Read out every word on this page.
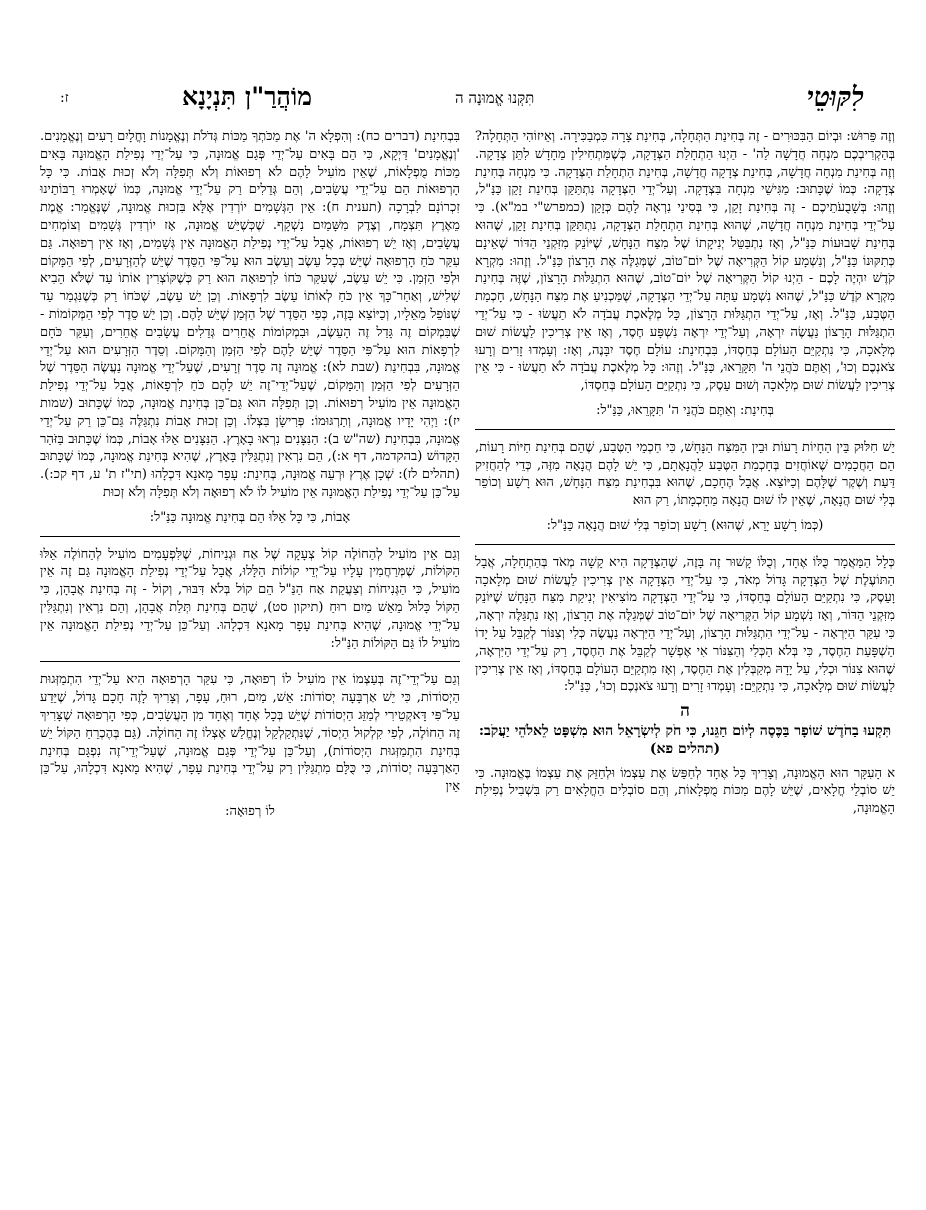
:ז	מוֹהֲרַ"ן תִּנְיָנָא	תִּקְּנוּ אֱמוּנָה ה	לִקּוּטֵי

וְזֶה פֵּרוּשׁ: וּבְיוֹם הַבִּכּוּרִים - זֶה בְּחִינַת הַתְּחָלָה, בְּחִינַת צָרָה כִּמְבַכִּירָה. וְאֵיזוֹהִי הַתְּחָלָה? בְּהַקְרִיבְכֶם מִנְחָה חֲדָשָׁה לַה' - הַיְנוּ הַתְחָלַת הַצְּדָקָה, כְּשֶׁמַּתְחִילִין מֵחָדָשׁ לִתֵּן צְדָקָה. וְזֶה בְּחִינַת מִנְחָה חֲדָשָׁה, בְּחִינַת צְדָקָה חֲדָשָׁה, בְּחִינַת הַתְחָלַת הַצְּדָקָה. כִּי מִנְחָה בְּחִינַת צְדָקָה: כְּמוֹ שֶׁכָּתוּב: מַגִּישֵׁי מִנְחָה בִּצְדָקָה. וְעַל־יְדֵי הַצְּדָקָה נִתְתַּקֵּן בְּחִינַת זָקֵן כַּנַּ"ל, וְזֶהוּ: בְּשָׁבֻעֹתֵיכֶם - זֶה בְּחִינַת זָקֵן, כִּי בְּסִינַי נִרְאָה לָהֶם כְּזָקֵן (כמפרש"י במ"א). כִּי עַל־יְדֵי בְּחִינַת מִנְחָה חֲדָשָׁה, שֶׁהוּא בְּחִינַת הַתְחָלַת הַצְּדָקָה, נִתְתַּקֵּן בְּחִינַת זָקֵן, שֶׁהוּא בְּחִינַת שָׁבוּעוֹת כַּנַּ"ל, וְאָז נִתְבַּטֵּל יְנִיקָתוֹ שֶׁל מִצַּח הַנָּחָשׁ, שֶׁיּוֹנֵק מִזִּקְנֵי הַדּוֹר שֶׁאֵינָם כְּתִקּוּנוֹ כַּנַּ"ל, וְנִשְׁמָע קוֹל הַקְּרִיאָה שֶׁל יוֹם־טוֹב, שֶׁמְּגַלֶּה אֶת הָרָצוֹן כַּנַּ"ל. וְזֶהוּ: מִקְרָא קֹדֶשׁ יִהְיֶה לָכֶם - הַיְנוּ קוֹל הַקְּרִיאָה שֶׁל יוֹם־טוֹב, שֶׁהוּא הִתְגַּלּוּת הָרָצוֹן, שֶׁזֶּה בְּחִינַת מִקְרָא קֹדֶשׁ כַּנַּ"ל, שֶׁהוּא נִשְׁמָע עַתָּה עַל־יְדֵי הַצְּדָקָה, שֶׁמַּכְנִיעַ אֶת מִצַּח הַנָּחָשׁ, חָכְמַת הַטֶּבַע, כַּנַּ"ל. וְאָז, עַל־יְדֵי הִתְגַּלּוּת הָרָצוֹן, כָּל מְלֶאכֶת עֲבֹדָה לֹא תַעֲשׂוּ - כִּי עַל־יְדֵי הִתְגַּלּוּת הָרָצוֹן נַעֲשֶׂה יִרְאָה, וְעַל־יְדֵי יִרְאָה נִשְׁפָּע חֶסֶד, וְאָז אֵין צְרִיכִין לַעֲשׂוֹת שׁוּם מְלָאכָה, כִּי נִתְקַיֵּם הָעוֹלָם בְּחַסְדּוֹ, בִּבְחִינַת: עוֹלָם חֶסֶד יִבָּנֶה, וְאָז: וְעָמְדוּ זָרִים וְרָעוּ צֹאנְכֶם וְכוּ', וְאַתֶּם כֹּהֲנֵי ה' תִּקָּרֵאוּ, כַּנַּ"ל. וְזֶהוּ: כָּל מְלֶאכֶת עֲבֹדָה לֹא תַעֲשׂוּ - כִּי אֵין צְרִיכִין לַעֲשׂוֹת שׁוּם מְלָאכָה וְשׁוּם עֵסֶק, כִּי נִתְקַיֵּם הָעוֹלָם בְּחַסְדּוֹ,

בְּחִינַת: וְאַתֶּם כֹּהֲנֵי ה' תִּקָּרֵאוּ, כַּנַּ"ל:

יֵשׁ חִלּוּק בֵּין הַחָיוֹת רָעוֹת וּבֵין הַמִּצַּח הַנָּחָשׁ, כִּי חַכְמֵי הַטֶּבַע, שֶׁהֵם בְּחִינַת חַיּוֹת רָעוֹת, הֵם הַחֲכָמִים שֶׁאוֹחֲזִים בְּחָכְמַת הַטֶּבַע לַהֲנָאָתָם, כִּי יֵשׁ לָהֶם הֲנָאָה מִזֶּה, כְּדֵי לְהַחֲזִיק דַּעַת וְשֶׁקֶר שֶׁלָּהֶם וְכַיּוֹצֵא. אֲבָל הֶחָכָם, שֶׁהוּא בִּבְחִינַת מִצַּח הַנָּחָשׁ, הוּא רָשָׁע וְכוֹפֵר בְּלִי שׁוּם הֲנָאָה, שֶׁאֵין לוֹ שׁוּם הֲנָאָה מֵחָכְמָתוֹ, רַק הוּא

(כְּמוֹ רָשָׁע יָרֵא, שֶׁהוּא) רָשָׁע וְכוֹפֵר בְּלִי שׁוּם הֲנָאָה כַּנַּ"ל:

כְּלָל הַמַּאֲמָר כֻּלּוֹ אֶחָד, וְכֻלּוֹ קָשׁוּר זֶה בָּזֶה, שֶׁהַצְּדָקָה הִיא קָשָׁה מְאֹד בְּהַתְחָלָה, אֲבָל הַתּוֹעֶלֶת שֶׁל הַצְּדָקָה גָּדוֹל מְאֹד, כִּי עַל־יְדֵי הַצְּדָקָה אֵין צְרִיכִין לַעֲשׂוֹת שׁוּם מְלָאכָה וָעֵסֶק, כִּי נִתְקַיֵּם הָעוֹלָם בְּחַסְדּוֹ, כִּי עַל־יְדֵי הַצְּדָקָה מוֹצִיאִין יְנִיקַת מִצַּח הַנָּחָשׁ שֶׁיּוֹנֵק מִזִּקְנֵי הַדּוֹר, וְאָז נִשְׁמָע קוֹל הַקְּרִיאָה שֶׁל יוֹם־טוֹב שֶׁמְּגַלֶּה אֶת הָרָצוֹן, וְאָז נִתְגַּלֶּה יִרְאָה, כִּי עִקַּר הַיִּרְאָה - עַל־יְדֵי הִתְגַּלּוּת הָרָצוֹן, וְעַל־יְדֵי הַיִּרְאָה נַעֲשֶׂה כְּלִי וְצִנּוֹר לְקַבֵּל עַל יָדוֹ הַשְׁפָּעַת הַחֶסֶד, כִּי בְּלֹא הַכְּלִי וְהַצִּנּוֹר אִי אֶפְשָׁר לְקַבֵּל אֶת הַחֶסֶד, רַק עַל־יְדֵי הַיִּרְאָה, שֶׁהוּא צִנּוֹר וּכְלִי, עַל יָדָהּ מְקַבְּלִין אֶת הַחֶסֶד, וְאָז מִתְקַיֵּם הָעוֹלָם בְּחַסְדּוֹ, וְאָז אֵין צְרִיכִין לַעֲשׂוֹת שׁוּם מְלָאכָה, כִּי נִתְקַיֵּם: וְעָמְדוּ זָרִים וְרָעוּ צֹאנְכֶם וְכוּ', כַּנַּ"ל:

ה
תִּקְעוּ בַחֹדֶשׁ שׁוֹפָר בַּכֶּסֶה לְיוֹם חַגֵּנוּ, כִּי חֹק לְיִשְׂרָאֵל הוּא מִשְׁפָּט לֵאלֹהֵי יַעֲקֹב: (תהלים פא)

א הָעִקָּר הוּא הָאֱמוּנָה, וְצָרִיךְ כָּל אֶחָד לְחַפֵּשׂ אֶת עַצְמוֹ וּלְחַזֵּק אֶת עַצְמוֹ בֶּאֱמוּנָה. כִּי יֵשׁ סוֹבְלֵי חֳלָאִים, שֶׁיֵּשׁ לָהֶם מַכּוֹת מֻפְלָאוֹת, וְהֵם סוֹבְלִים הַחֳלָאִים רַק בִּשְׁבִיל נְפִילַת הָאֱמוּנָה,

בִּבְחִינַת (דברים כח): וְהִפְלָא ה' אֶת מַכֹּתְךָ מַכּוֹת גְּדֹלֹת וְנֶאֱמָנוֹת וָחֳלָיִם רָעִים וְנֶאֱמָנִים. 'וְנֶאֱמָנִים' דַּיְקָא, כִּי הֵם בָּאִים עַל־יְדֵי פְּגַם אֱמוּנָה, כִּי עַל־יְדֵי נְפִילַת הָאֱמוּנָה בָּאִים מַכּוֹת מֻפְלָאוֹת, שֶׁאֵין מוֹעִיל לָהֶם לֹא רְפוּאוֹת וְלֹא תְּפִלָּה וְלֹא זְכוּת אָבוֹת. כִּי כָּל הָרְפוּאוֹת הֵם עַל־יְדֵי עֲשָׂבִים, וְהֵם גְּדֵלִים רַק עַל־יְדֵי אֱמוּנָה, כְּמוֹ שֶׁאָמְרוּ רַבּוֹתֵינוּ זִכְרוֹנָם לִבְרָכָה (תענית ח): אֵין הַגְּשָׁמִים יוֹרְדִין אֶלָּא בִּזְכוּת אֱמוּנָה, שֶׁנֶּאֱמַר: אֱמֶת מֵאֶרֶץ תִּצְמָח, וְצֶדֶק מִשָּׁמַיִם נִשְׁקָף. שֶׁכְּשֶׁיֵּשׁ אֱמוּנָה, אָז יוֹרְדִין גְּשָׁמִים וְצוֹמְחִים עֲשָׂבִים, וְאָז יֵשׁ רְפוּאוֹת, אֲבָל עַל־יְדֵי נְפִילַת הָאֱמוּנָה אֵין גְּשָׁמִים, וְאָז אֵין רְפוּאָה. גַּם עִקַּר כֹּחַ הָרְפוּאָה שֶׁיֵּשׁ בְּכָל עֵשֶׂב וְעֵשֶׂב הוּא עַל־פִּי הַסֵּדֶר שֶׁיֵּשׁ לְהַזְּרָעִים, לְפִי הַמָּקוֹם וּלְפִי הַזְּמַן. כִּי יֵשׁ עֵשֶׂב, שֶׁעִקַּר כֹּחוֹ לִרְפוּאָה הוּא רַק כְּשֶׁקּוֹצְרִין אוֹתוֹ עַד שֶׁלֹּא הֵבִיא שְׁלִישׁ, וְאַחַר־כָּךְ אֵין כֹּחַ לְאוֹתוֹ עֵשֶׂב לִרְפָאוֹת. וְכֵן יֵשׁ עֵשֶׂב, שֶׁכֹּחוֹ רַק כְּשֶׁנִּגְמַר עַד שֶׁנּוֹפֵל מֵאֵלָיו, וְכַיּוֹצֵא בָּזֶה, כְּפִי הַסֵּדֶר שֶׁל הַזְּמַן שֶׁיֵּשׁ לָהֶם. וְכֵן יֵשׁ סֵדֶר לְפִי הַמְּקוֹמוֹת - שֶׁבִּמְקוֹם זֶה גָּדַל זֶה הָעֵשֶׂב, וּבִמְקוֹמוֹת אֲחֵרִים גְּדֵלִים עֲשָׂבִים אֲחֵרִים, וְעִקַּר כֹּחָם לִרְפָאוֹת הוּא עַל־פִּי הַסֵּדֶר שֶׁיֵּשׁ לָהֶם לְפִי הַזְּמַן וְהַמָּקוֹם. וְסֵדֶר הַזְּרָעִים הוּא עַל־יְדֵי אֱמוּנָה, בִּבְחִינַת (שבת לא): אֱמוּנָה זֶה סֵדֶר זְרָעִים, שֶׁעַל־יְדֵי אֱמוּנָה נַעֲשֶׂה הַסֵּדֶר שֶׁל הַזְּרָעִים לְפִי הַזְּמַן וְהַמָּקוֹם, שֶׁעַל־יְדֵי־זֶה יֵשׁ לָהֶם כֹּחַ לִרְפָאוֹת, אֲבָל עַל־יְדֵי נְפִילַת הָאֱמוּנָה אֵין מוֹעִיל רְפוּאוֹת. וְכֵן תְּפִלָּה הוּא גַּם־כֵּן בְּחִינַת אֱמוּנָה, כְּמוֹ שֶׁכָּתוּב (שמות יז): וַיְהִי יָדָיו אֱמוּנָה, וְתַרְגּוּמוֹ: פְּרִישָׂן בִּצְלוֹ. וְכֵן זְכוּת אָבוֹת נִתְגַּלֶּה גַּם־כֵּן רַק עַל־יְדֵי אֱמוּנָה, בִּבְחִינַת (שה"ש ב): הַנִּצָּנִים נִרְאוּ בָאָרֶץ. הַנִּצָּנִים אֵלּוּ אָבוֹת, כְּמוֹ שֶׁכָּתוּב בַּזֹּהַר הַקָּדוֹשׁ (בהקדמה, דף א:), הֵם נִרְאִין וְנִתְגַּלִּין בָּאָרֶץ, שֶׁהִיא בְּחִינַת אֱמוּנָה, כְּמוֹ שֶׁכָּתוּב (תהלים לז): שְׁכָן אֶרֶץ וּרְעֵה אֱמוּנָה, בְּחִינַת: עָפָר מָאנָא דִּכְלָהוּ (תי"ז ת' ע, דף קכ:). עַל־כֵּן עַל־יְדֵי נְפִילַת הָאֱמוּנָה אֵין מוֹעִיל לוֹ לֹא רְפוּאָה וְלֹא תְּפִלָּה וְלֹא זְכוּת

אָבוֹת, כִּי כָּל אֵלּוּ הֵם בְּחִינַת אֱמוּנָה כַּנַּ"ל:

וְגַם אֵין מוֹעִיל לְהַחוֹלֶה קוֹל צְעָקָה שֶׁל אַח וּגְנִיחוֹת, שֶׁלִּפְעָמִים מוֹעִיל לְהַחוֹלֶה אֵלּוּ הַקּוֹלוֹת, שֶׁמְּרַחֲמִין עָלָיו עַל־יְדֵי קוֹלוֹת הַלָּלוּ, אֲבָל עַל־יְדֵי נְפִילַת הָאֱמוּנָה גַּם זֶה אֵין מוֹעִיל, כִּי הַגְּנִיחוֹת וְצַעֲקַת אַח הַנַּ"ל הֵם קוֹל בְּלֹא דִּבּוּר, וְקוֹל - זֶה בְּחִינַת אֲבָהָן, כִּי הַקּוֹל כָּלוּל מֵאֵשׁ מַיִם רוּחַ (תיקון סט), שֶׁהֵם בְּחִינַת תְּלַת אֲבָהָן, וְהֵם נִרְאִין וְנִתְגַּלִּין עַל־יְדֵי אֱמוּנָה, שֶׁהִיא בְּחִינַת עָפָר מָאנָא דִּכְלָהוּ. וְעַל־כֵּן עַל־יְדֵי נְפִילַת הָאֱמוּנָה אֵין מוֹעִיל לוֹ גַּם הַקּוֹלוֹת הַנַּ"ל:

וְגַם עַל־יְדֵי־זֶה בְּעַצְמוֹ אֵין מוֹעִיל לוֹ רְפוּאָה, כִּי עִקַּר הָרְפוּאָה הִיא עַל־יְדֵי הִתְמַזְּגוּת הַיְסוֹדוֹת, כִּי יֵשׁ אַרְבָּעָה יְסוֹדוֹת: אֵשׁ, מַיִם, רוּחַ, עָפָר, וְצָרִיךְ לָזֶה חָכָם גָּדוֹל, שֶׁיֵּדַע עַל־פִּי דָּאקְטֵירִי לְמַזֵּג הַיְסוֹדוֹת שֶׁיֵּשׁ בְּכָל אֶחָד וְאֶחָד מִן הָעֲשָׂבִים, כְּפִי הָרְפוּאָה שֶׁצָּרִיךְ זֶה הַחוֹלֶה, לְפִי קִלְקוּל הַיְסוֹד, שֶׁנִּתְקַלְקֵל וְנֶחֱלַשׁ אֶצְלוֹ זֶה הַחוֹלֶה. (גַּם בְּהֶכְרֵחַ הַקּוֹל יֵשׁ בְּחִינַת הִתְמַזְּגוּת הַיְסוֹדוֹת), וְעַל־כֵּן עַל־יְדֵי פְּגַם אֱמוּנָה, שֶׁעַל־יְדֵי־זֶה נִפְגָּם בְּחִינַת הָאַרְבָּעָה יְסוֹדוֹת, כִּי כֻּלָּם מִתְגַּלִּין רַק עַל־יְדֵי בְּחִינַת עָפָר, שֶׁהִיא מָאנָא דִּכְלָהוּ, עַל־כֵּן אֵין

לוֹ רְפוּאָה:
